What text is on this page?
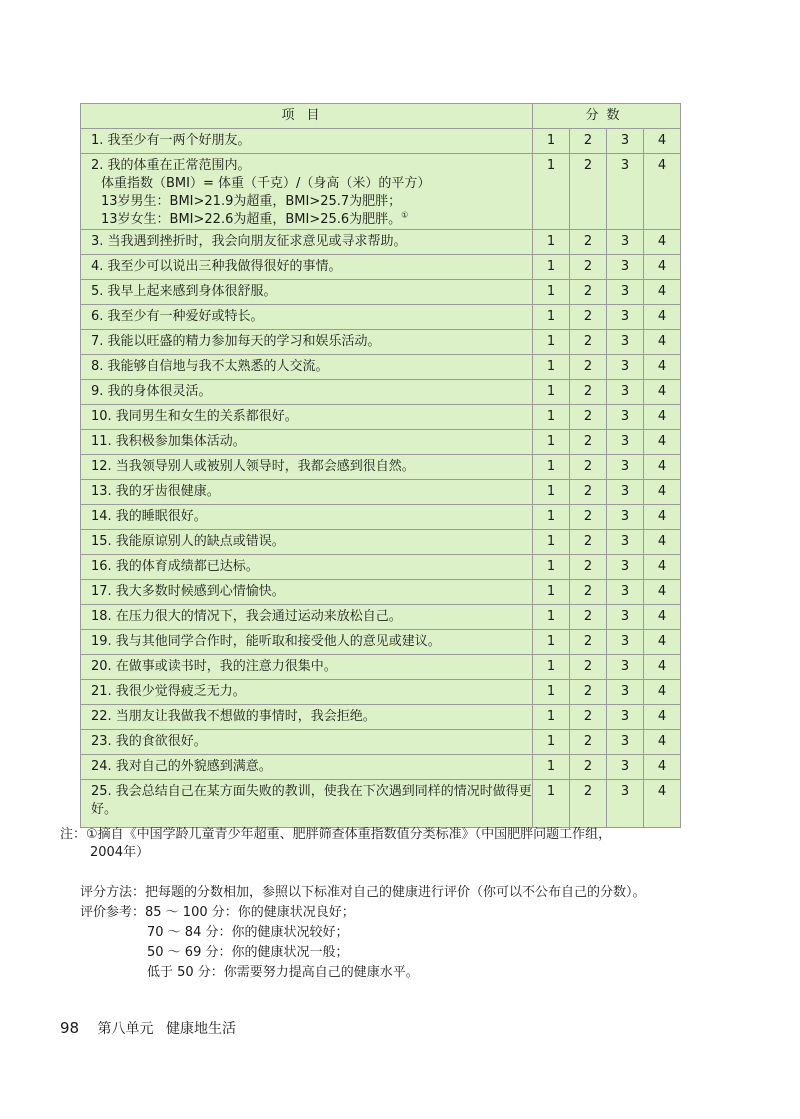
项目	分数			
1. 我至少有一两个好朋友。	1	2	3	4
2. 我的体重在正常范围内。
体重指数（BMI）= 体重（千克）/（身高（米）的平方）
13岁男生：BMI>21.9为超重，BMI>25.7为肥胖；
13岁女生：BMI>22.6为超重，BMI>25.6为肥胖。①	1	2	3	4
3. 当我遇到挫折时，我会向朋友征求意见或寻求帮助。	1	2	3	4
4. 我至少可以说出三种我做得很好的事情。	1	2	3	4
5. 我早上起来感到身体很舒服。	1	2	3	4
6. 我至少有一种爱好或特长。	1	2	3	4
7. 我能以旺盛的精力参加每天的学习和娱乐活动。	1	2	3	4
8. 我能够自信地与我不太熟悉的人交流。	1	2	3	4
9. 我的身体很灵活。	1	2	3	4
10. 我同男生和女生的关系都很好。	1	2	3	4
11. 我积极参加集体活动。	1	2	3	4
12. 当我领导别人或被别人领导时，我都会感到很自然。	1	2	3	4
13. 我的牙齿很健康。	1	2	3	4
14. 我的睡眠很好。	1	2	3	4
15. 我能原谅别人的缺点或错误。	1	2	3	4
16. 我的体育成绩都已达标。	1	2	3	4
17. 我大多数时候感到心情愉快。	1	2	3	4
18. 在压力很大的情况下，我会通过运动来放松自己。	1	2	3	4
19. 我与其他同学合作时，能听取和接受他人的意见或建议。	1	2	3	4
20. 在做事或读书时，我的注意力很集中。	1	2	3	4
21. 我很少觉得疲乏无力。	1	2	3	4
22. 当朋友让我做我不想做的事情时，我会拒绝。	1	2	3	4
23. 我的食欲很好。	1	2	3	4
24. 我对自己的外貌感到满意。	1	2	3	4
25. 我会总结自己在某方面失败的教训，使我在下次遇到同样的情况时做得更好。	1	2	3	4
注：①摘自《中国学龄儿童青少年超重、肥胖筛查体重指数值分类标准》（中国肥胖问题工作组，
2004年）
评分方法：把每题的分数相加，参照以下标准对自己的健康进行评价（你可以不公布自己的分数）。
评价参考：85 ～ 100 分：你的健康状况良好；
70 ～ 84 分：你的健康状况较好；
50 ～ 69 分：你的健康状况一般；
低于 50 分：你需要努力提高自己的健康水平。
98 第八单元 健康地生活
